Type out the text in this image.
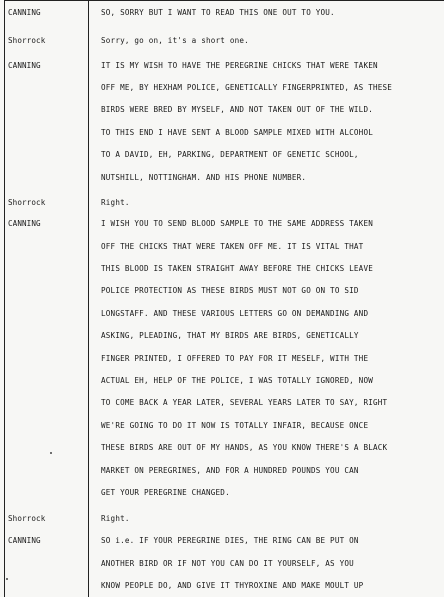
CANNING	SO, SORRY BUT I WANT TO READ THIS ONE OUT TO YOU.
Shorrock	Sorry, go on, it's a short one.
CANNING	IT IS MY WISH TO HAVE THE PEREGRINE CHICKS THAT WERE TAKEN
OFF ME, BY HEXHAM POLICE, GENETICALLY FINGERPRINTED, AS THESE
BIRDS WERE BRED BY MYSELF, AND NOT TAKEN OUT OF THE WILD.
TO THIS END I HAVE SENT A BLOOD SAMPLE MIXED WITH ALCOHOL
TO A DAVID, EH, PARKING, DEPARTMENT OF GENETIC SCHOOL,
NUTSHILL, NOTTINGHAM. AND HIS PHONE NUMBER.
Shorrock	Right.
CANNING	I WISH YOU TO SEND BLOOD SAMPLE TO THE SAME ADDRESS TAKEN
OFF THE CHICKS THAT WERE TAKEN OFF ME. IT IS VITAL THAT
THIS BLOOD IS TAKEN STRAIGHT AWAY BEFORE THE CHICKS LEAVE
POLICE PROTECTION AS THESE BIRDS MUST NOT GO ON TO SID
LONGSTAFF. AND THESE VARIOUS LETTERS GO ON DEMANDING AND
ASKING, PLEADING, THAT MY BIRDS ARE BIRDS, GENETICALLY
FINGER PRINTED, I OFFERED TO PAY FOR IT MESELF, WITH THE
ACTUAL EH, HELP OF THE POLICE, I WAS TOTALLY IGNORED, NOW
TO COME BACK A YEAR LATER, SEVERAL YEARS LATER TO SAY, RIGHT
WE'RE GOING TO DO IT NOW IS TOTALLY INFAIR, BECAUSE ONCE
THESE BIRDS ARE OUT OF MY HANDS, AS YOU KNOW THERE'S A BLACK
MARKET ON PEREGRINES, AND FOR A HUNDRED POUNDS YOU CAN
GET YOUR PEREGRINE CHANGED.
Shorrock	Right.
CANNING	SO i.e. IF YOUR PEREGRINE DIES, THE RING CAN BE PUT ON
ANOTHER BIRD OR IF NOT YOU CAN DO IT YOURSELF, AS YOU
KNOW PEOPLE DO, AND GIVE IT THYROXINE AND MAKE MOULT UP
